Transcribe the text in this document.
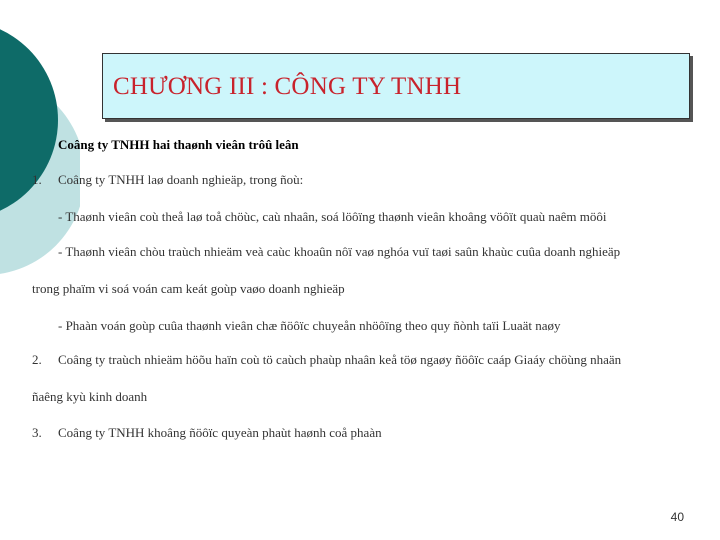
CHƯƠNG III : CÔNG TY TNHH
Coâng ty TNHH hai thaønh vieân trôû leân
1. Coâng ty TNHH laø doanh nghieäp, trong ñoù:
- Thaønh vieân coù theå laø toå chöùc, caù nhaân, soá löôïng thaønh vieân khoâng vöôït quaù naêm möôi
- Thaønh vieân chòu traùch nhieäm veà caùc khoaûn nôï vaø nghóa vuï taøi saûn khaùc cuûa doanh nghieäp
trong phaïm vi soá voán cam keát goùp vaøo doanh nghieäp
- Phaàn voán goùp cuûa thaønh vieân chæ ñöôïc chuyeån nhöôïng theo quy ñònh taïi Luaät naøy
2. Coâng ty traùch nhieäm höõu haïn coù tö caùch phaùp nhaân keå töø ngaøy ñöôïc caáp Giaáy chöùng nhaän
ñaêng kyù kinh doanh
3. Coâng ty TNHH khoâng ñöôïc quyeàn phaùt haønh coå phaàn
40
